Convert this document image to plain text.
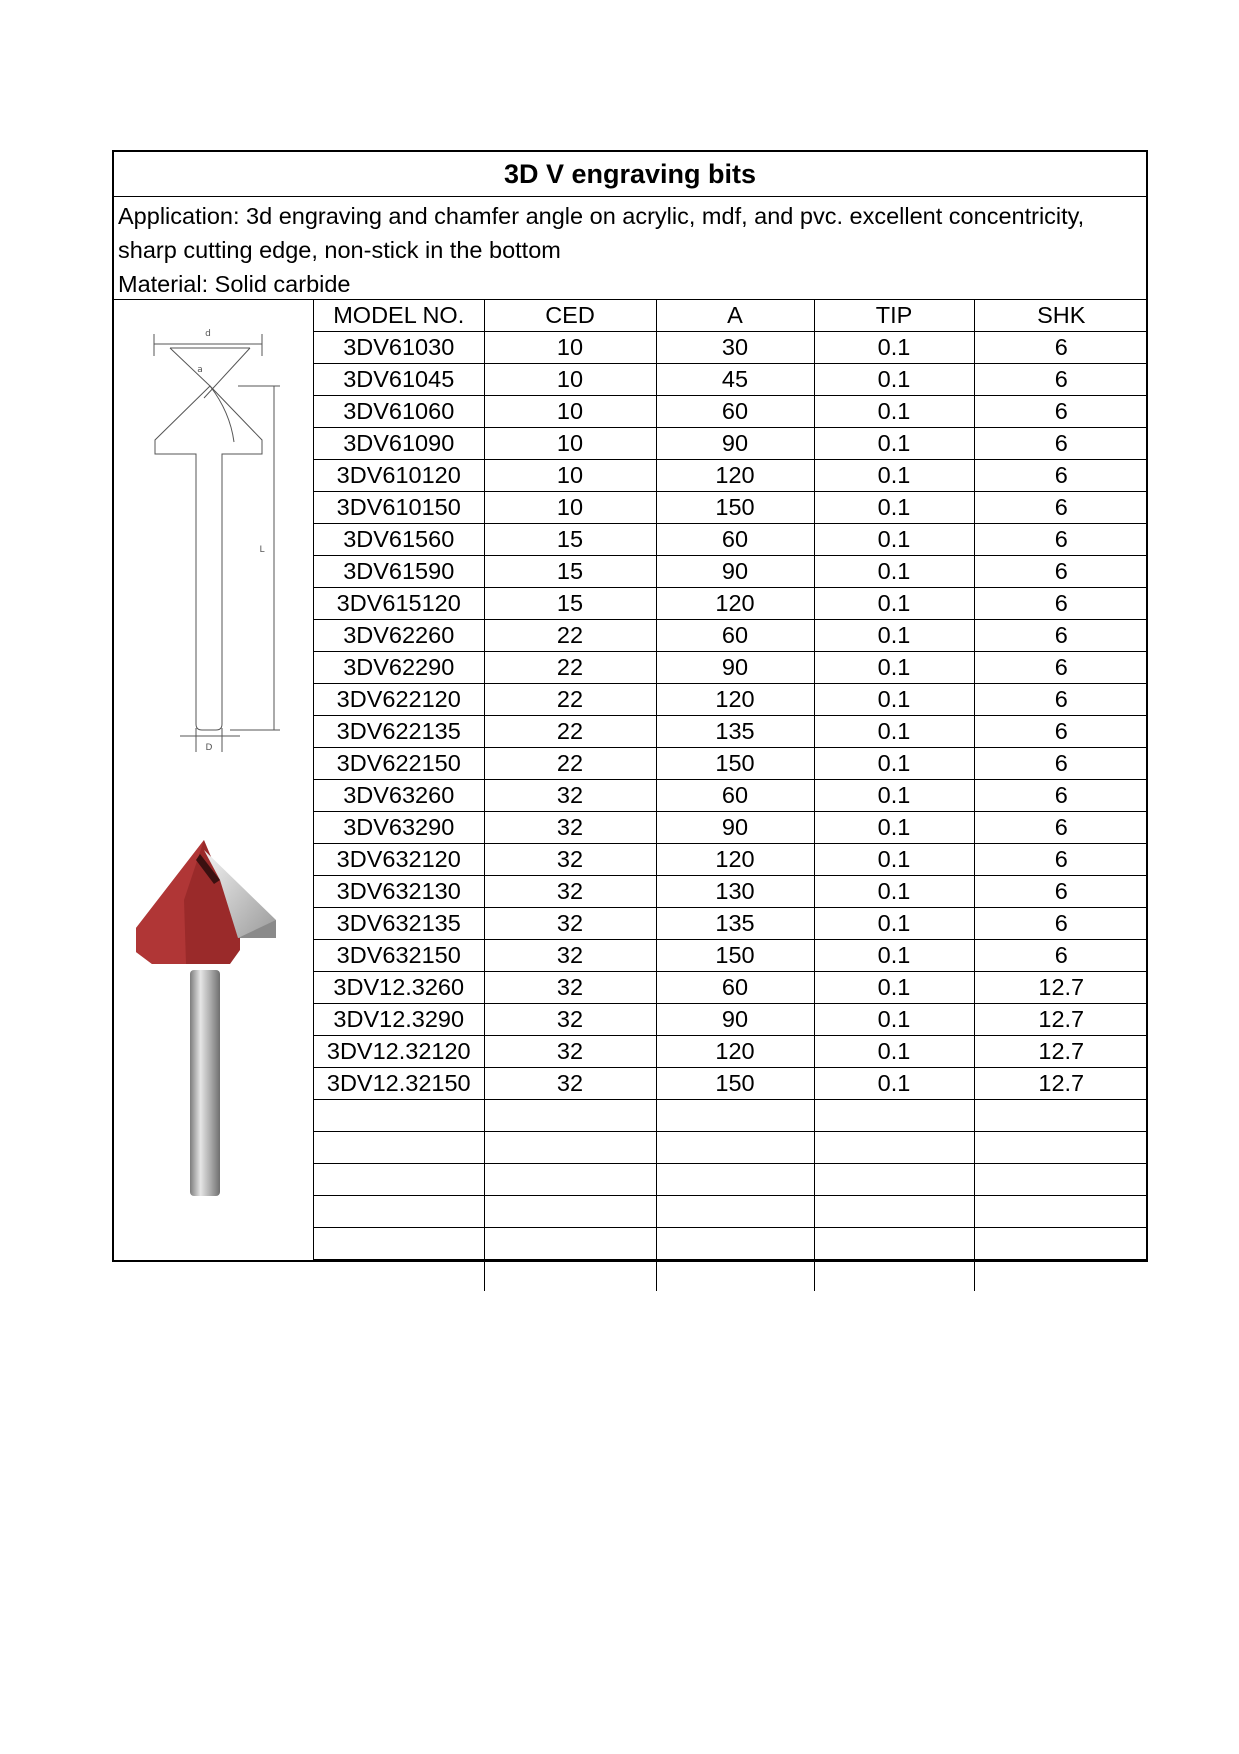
3D V engraving bits

Application: 3d engraving and chamfer angle on acrylic, mdf, and pvc. excellent concentricity,

sharp cutting edge, non-stick in the bottom

Material: Solid carbide

d
a
L
D
MODEL NO.	CED	A	TIP	SHK
3DV61030	10	30	0.1	6
3DV61045	10	45	0.1	6
3DV61060	10	60	0.1	6
3DV61090	10	90	0.1	6
3DV610120	10	120	0.1	6
3DV610150	10	150	0.1	6
3DV61560	15	60	0.1	6
3DV61590	15	90	0.1	6
3DV615120	15	120	0.1	6
3DV62260	22	60	0.1	6
3DV62290	22	90	0.1	6
3DV622120	22	120	0.1	6
3DV622135	22	135	0.1	6
3DV622150	22	150	0.1	6
3DV63260	32	60	0.1	6
3DV63290	32	90	0.1	6
3DV632120	32	120	0.1	6
3DV632130	32	130	0.1	6
3DV632135	32	135	0.1	6
3DV632150	32	150	0.1	6
3DV12.3260	32	60	0.1	12.7
3DV12.3290	32	90	0.1	12.7
3DV12.32120	32	120	0.1	12.7
3DV12.32150	32	150	0.1	12.7
